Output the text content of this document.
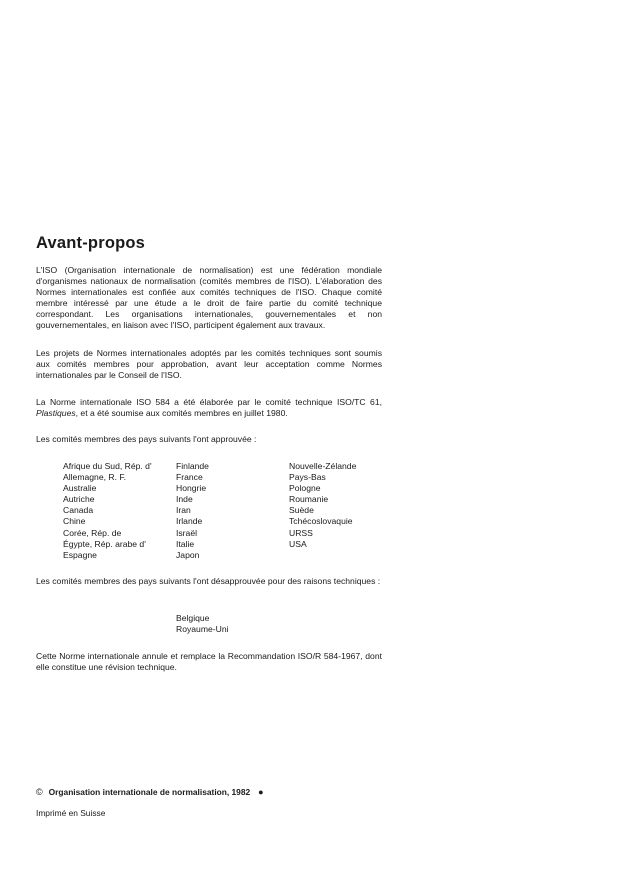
Avant-propos

L'ISO (Organisation internationale de normalisation) est une fédération mondiale d'organismes nationaux de normalisation (comités membres de l'ISO). L'élaboration des Normes internationales est confiée aux comités techniques de l'ISO. Chaque comité membre intéressé par une étude a le droit de faire partie du comité technique correspondant. Les organisations internationales, gouvernementales et non gouvernementales, en liaison avec l'ISO, participent également aux travaux.

Les projets de Normes internationales adoptés par les comités techniques sont soumis aux comités membres pour approbation, avant leur acceptation comme Normes internationales par le Conseil de l'ISO.

La Norme internationale ISO 584 a été élaborée par le comité technique ISO/TC 61, Plastiques, et a été soumise aux comités membres en juillet 1980.

Les comités membres des pays suivants l'ont approuvée :

Afrique du Sud, Rép. d'
Allemagne, R. F.
Australie
Autriche
Canada
Chine
Corée, Rép. de
Égypte, Rép. arabe d'
Espagne
Finlande
France
Hongrie
Inde
Iran
Irlande
Israël
Italie
Japon
Nouvelle-Zélande
Pays-Bas
Pologne
Roumanie
Suède
Tchécoslovaquie
URSS
USA

Les comités membres des pays suivants l'ont désapprouvée pour des raisons techniques :

Belgique
Royaume-Uni

Cette Norme internationale annule et remplace la Recommandation ISO/R 584-1967, dont elle constitue une révision technique.

© Organisation internationale de normalisation, 1982 ●
Imprimé en Suisse
